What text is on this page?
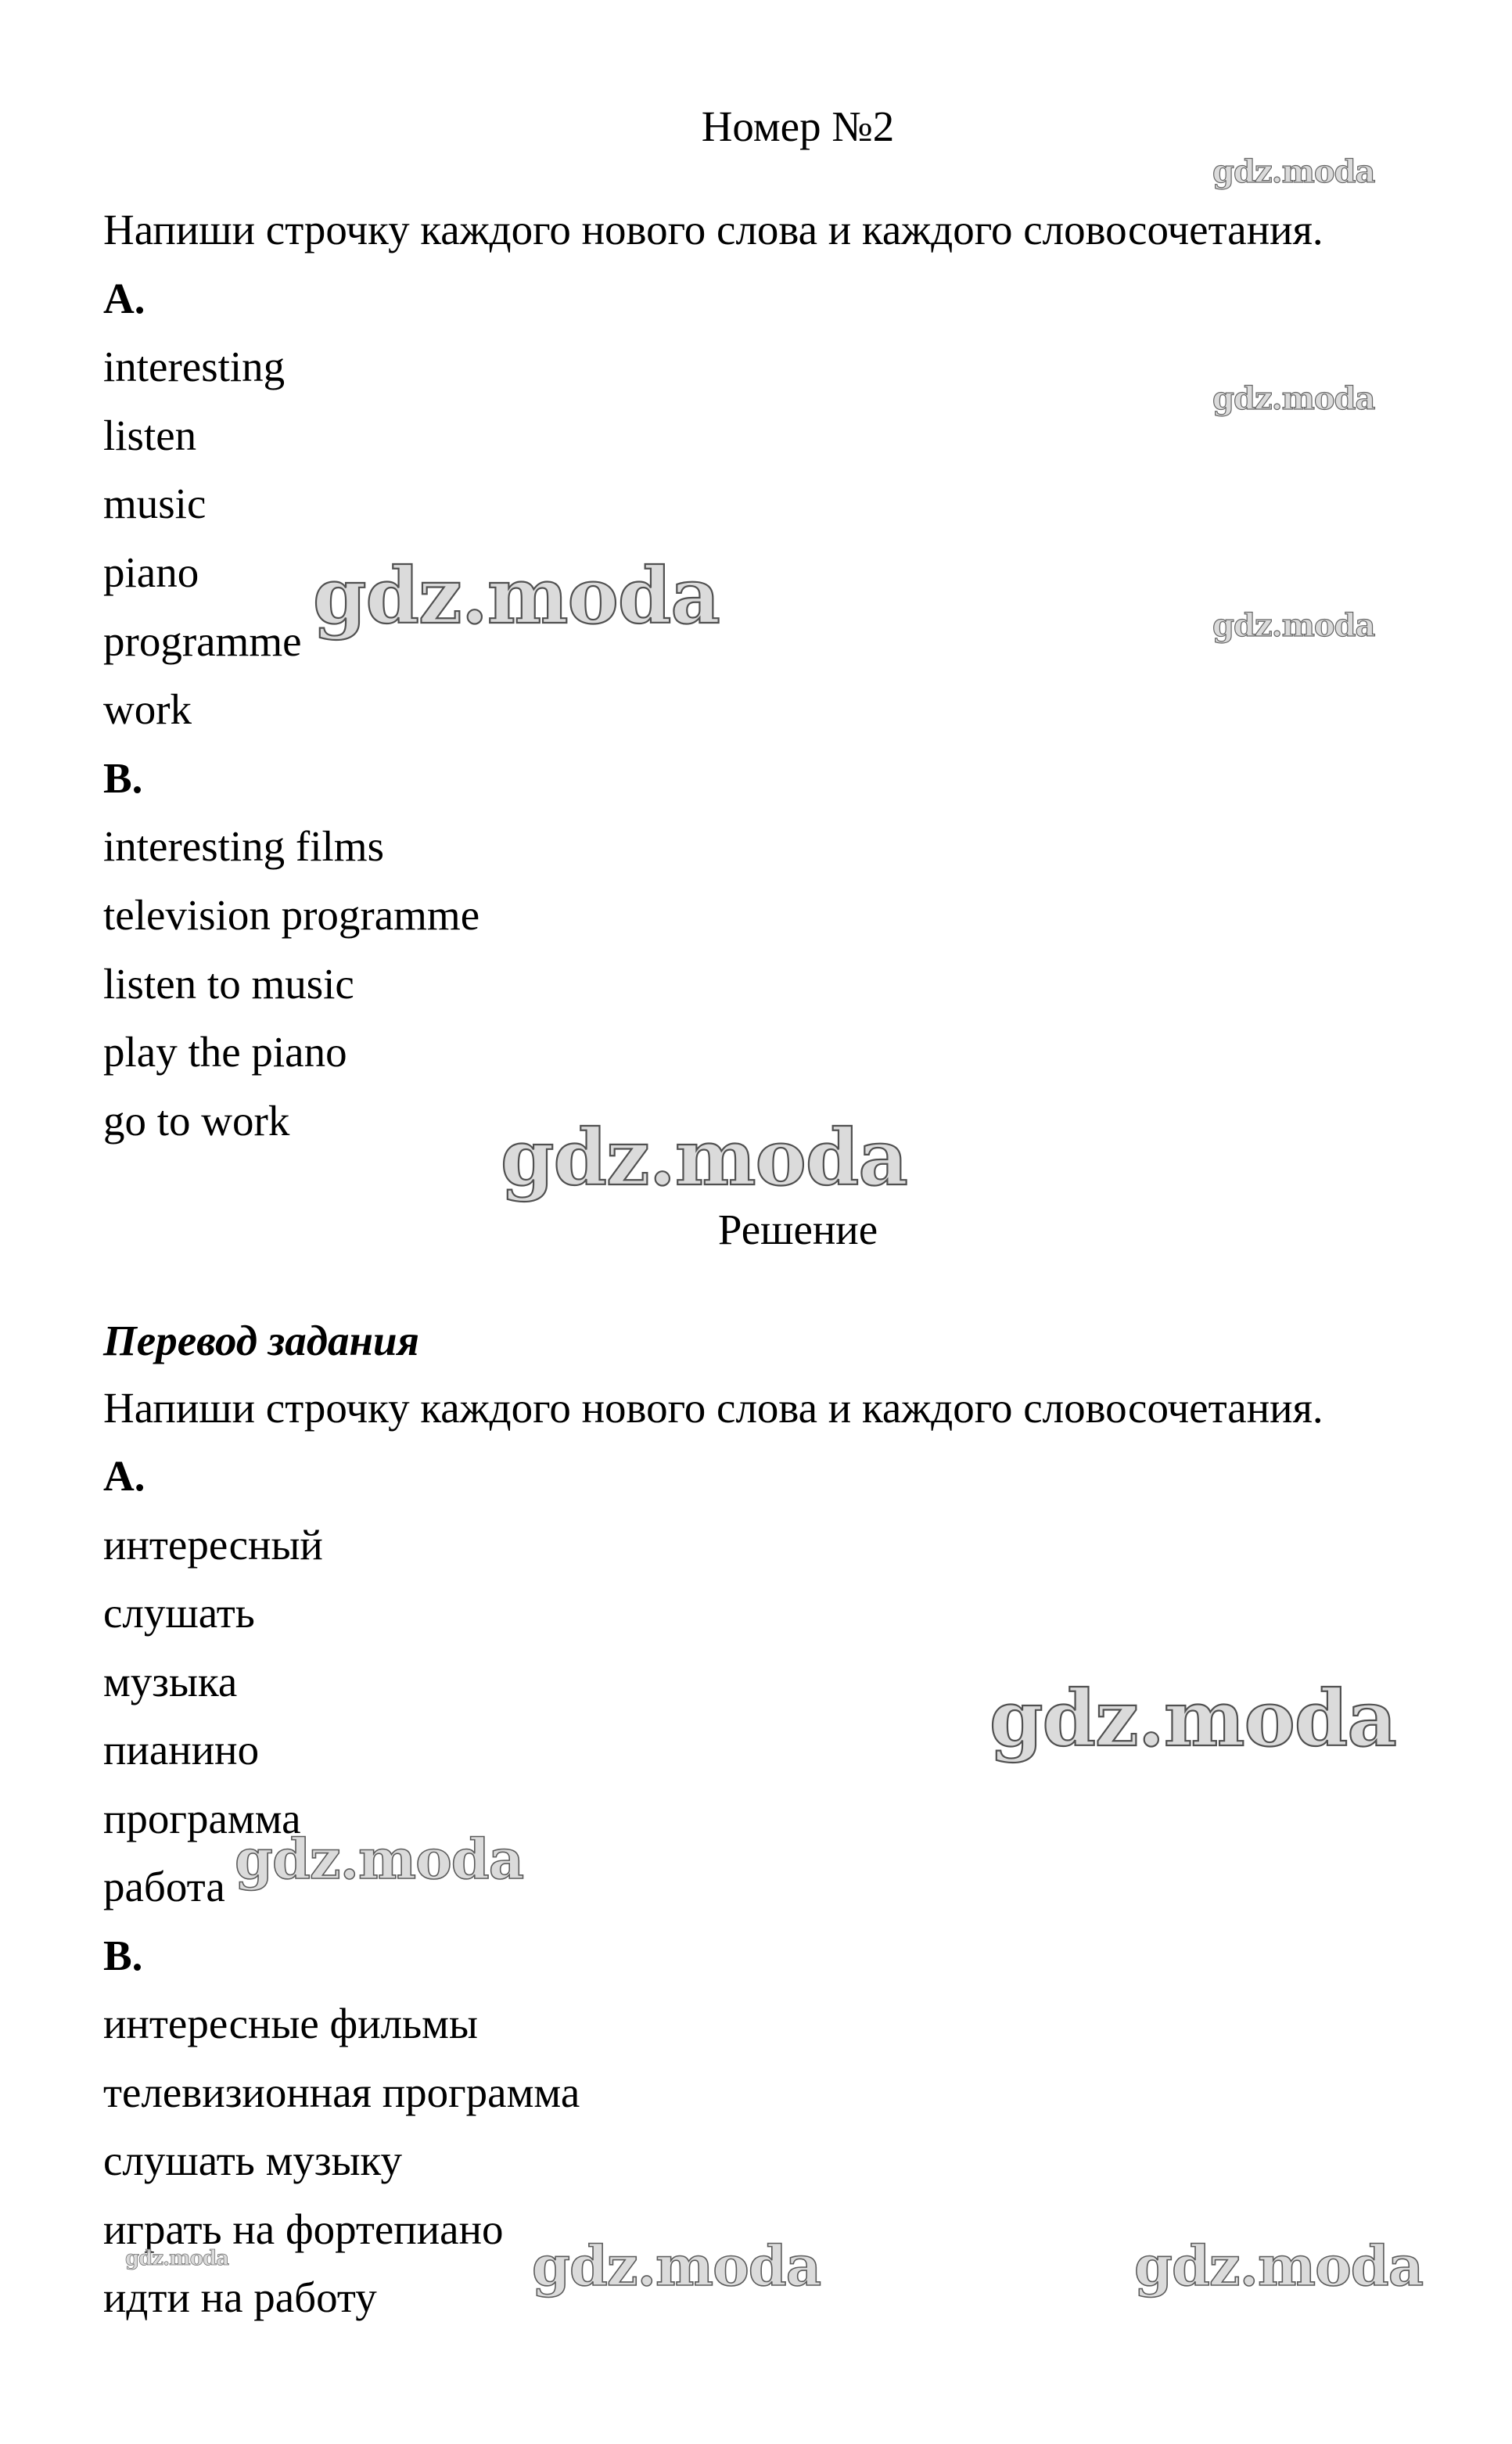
Номер №2
Напиши строчку каждого нового слова и каждого словосочетания.
A.
interesting
listen
music
piano
programme
work
B.
interesting films
television programme
listen to music
play the piano
go to work
Решение
Перевод задания
Напиши строчку каждого нового слова и каждого словосочетания.
A.
интересный
слушать
музыка
пианино
программа
работа
B.
интересные фильмы
телевизионная программа
слушать музыку
играть на фортепиано
идти на работу
gdz.moda
gdz.moda
gdz.moda
gdz.moda
gdz.moda
gdz.moda
gdz.moda
gdz.moda	gdz.moda	gdz.moda
